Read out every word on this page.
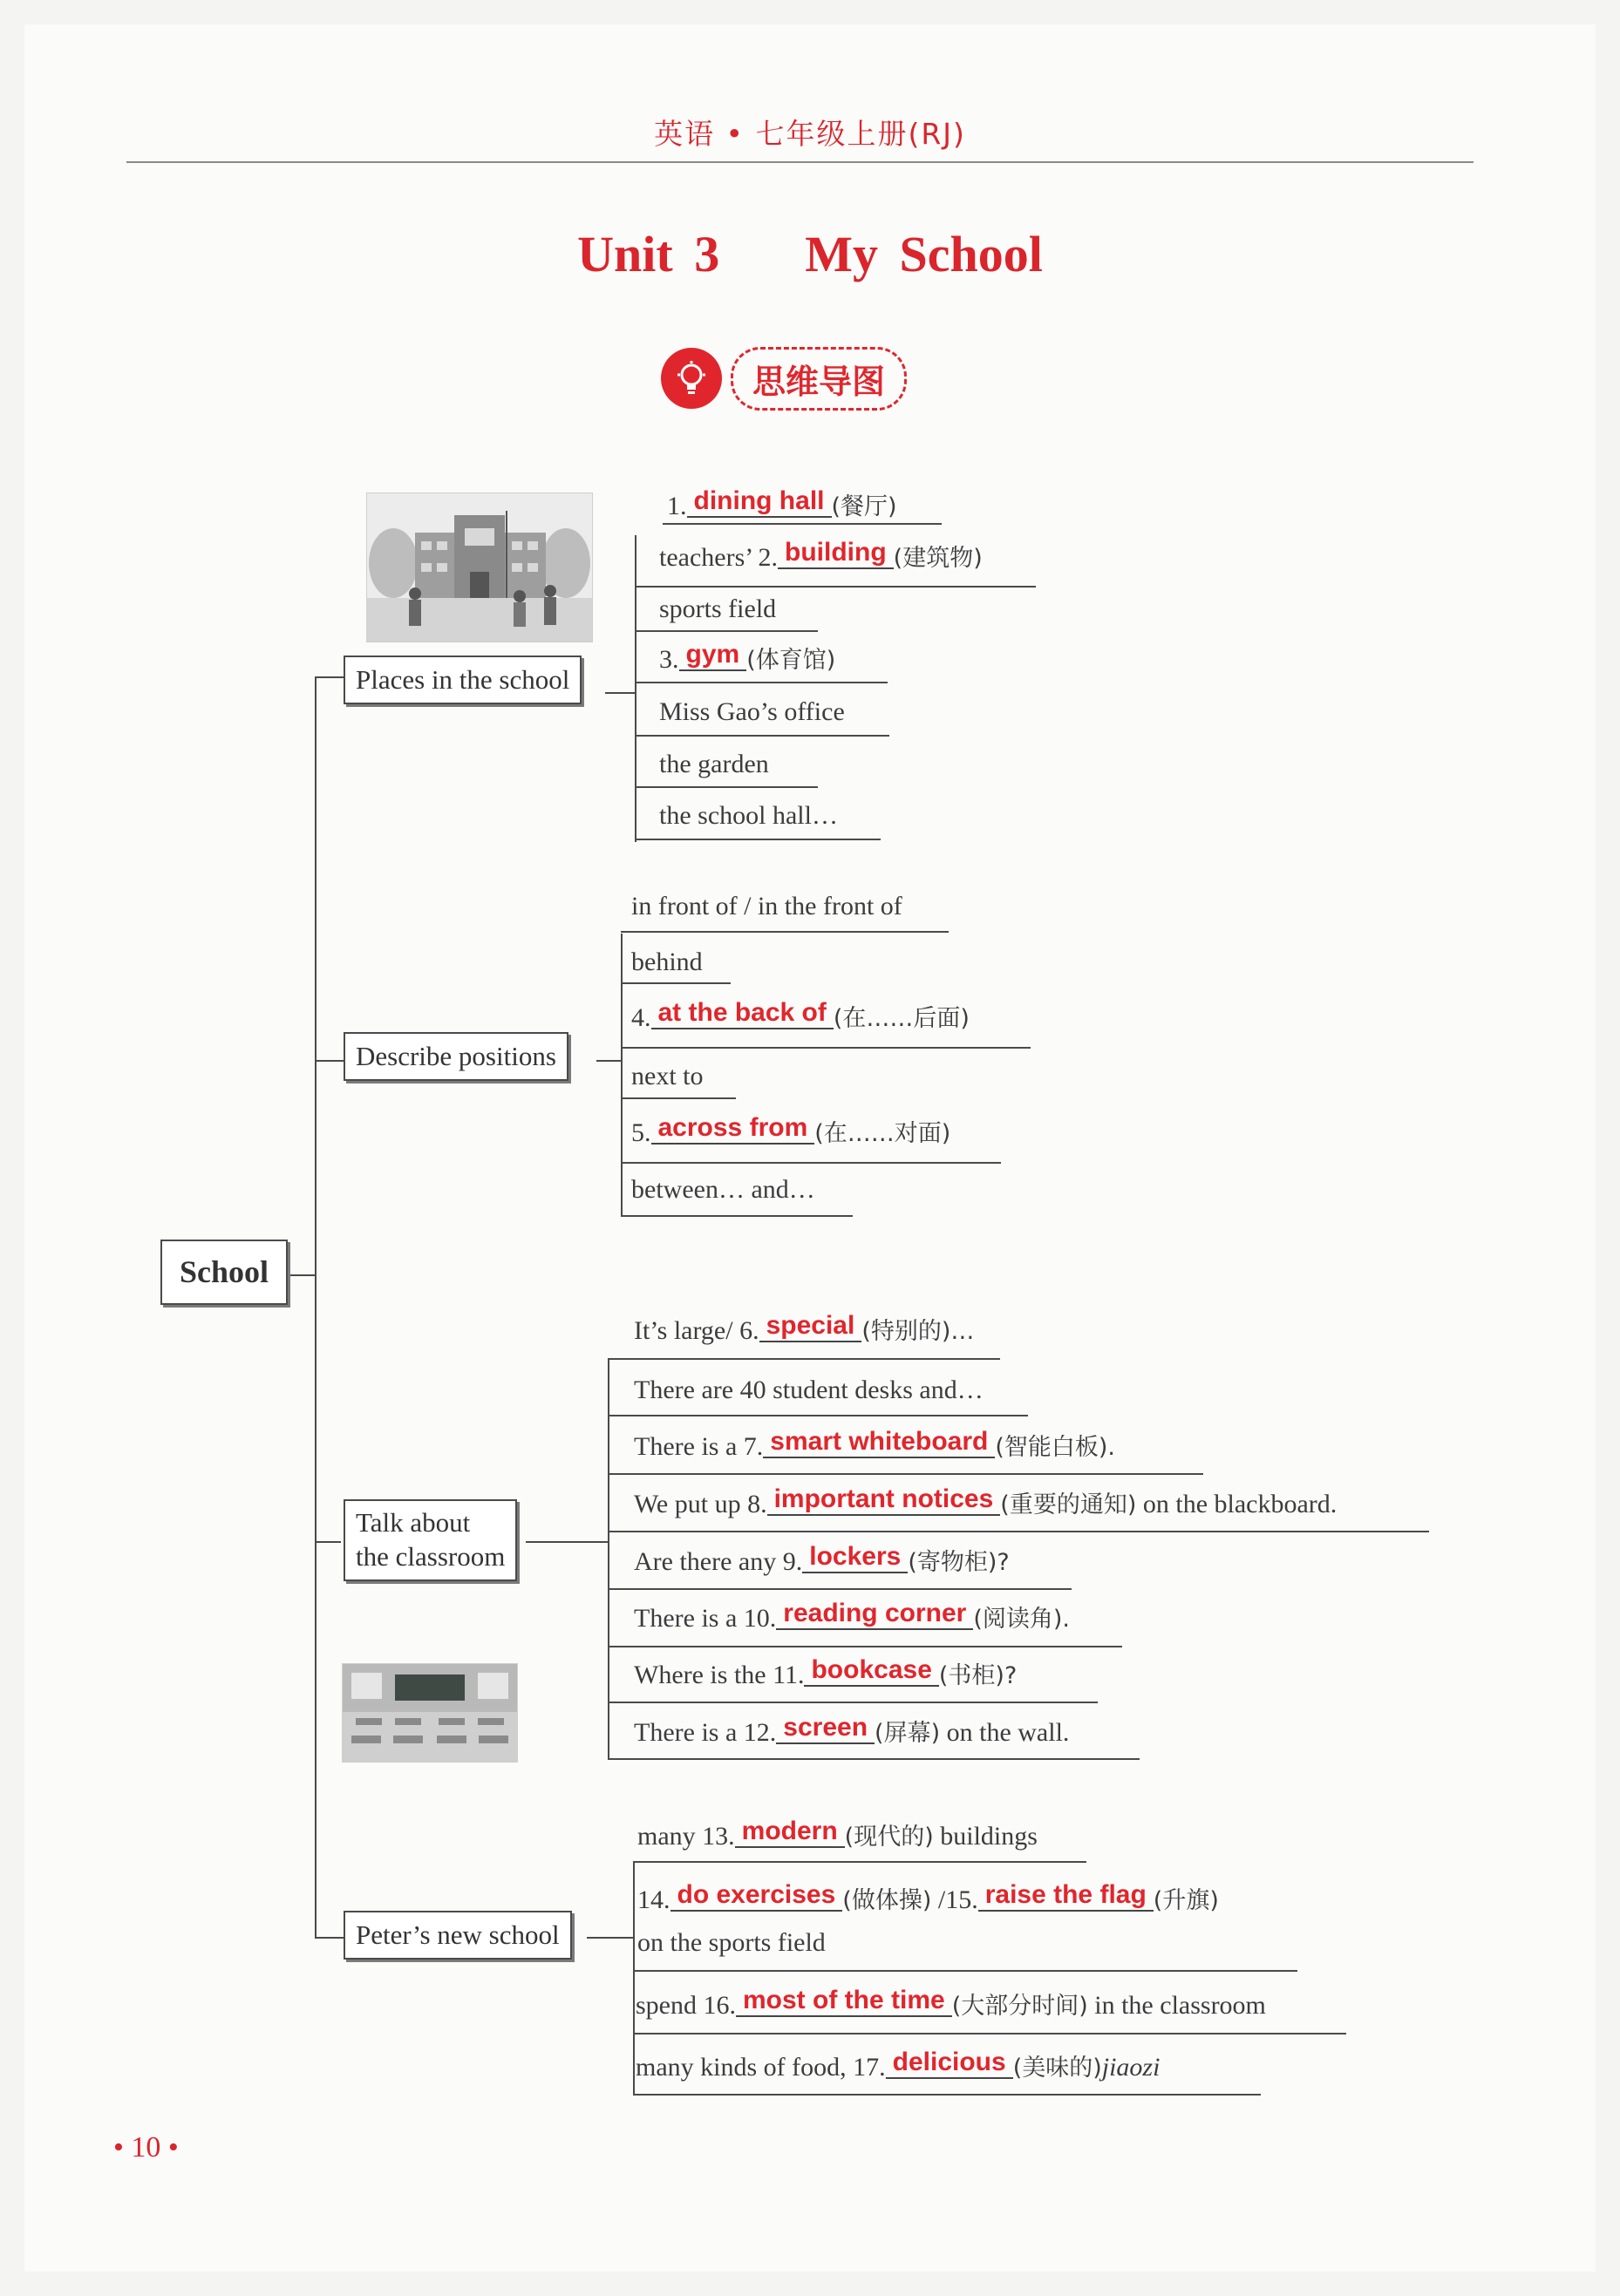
英语 • 七年级上册(RJ)
Unit 3    My School
思维导图
School
Places in the school
Describe positions
Talk about
the classroom
Peter’s new school
1. dining hall (餐厅)
teachers’ 2. building (建筑物)
sports field
3. gym (体育馆)
Miss Gao’s office
the garden
the school hall…
in front of / in the front of
behind
4. at the back of (在……后面)
next to
5. across from (在……对面)
between… and…
It’s large/ 6. special (特别的)…
There are 40 student desks and…
There is a 7. smart whiteboard (智能白板).
We put up 8. important notices (重要的通知) on the blackboard.
Are there any 9. lockers (寄物柜)?
There is a 10. reading corner (阅读角).
Where is the 11. bookcase (书柜)?
There is a 12. screen (屏幕) on the wall.
many 13. modern (现代的) buildings
14. do exercises (做体操) /15. raise the flag (升旗)
on the sports field
spend 16. most of the time (大部分时间) in the classroom
many kinds of food, 17. delicious (美味的)jiaozi
• 10 •
